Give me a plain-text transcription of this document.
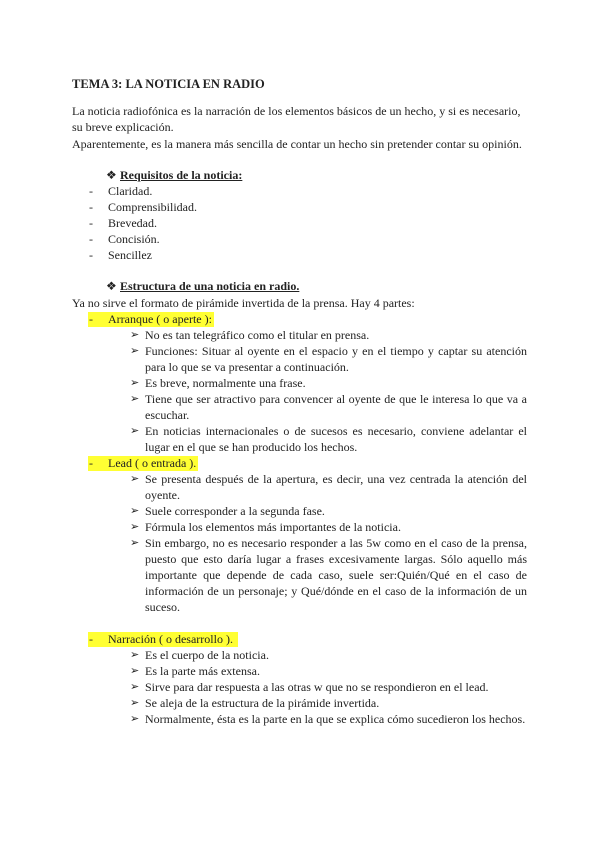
TEMA 3: LA NOTICIA EN RADIO
La noticia radiofónica es la narración de los elementos básicos de un hecho, y si es necesario, su breve explicación.
Aparentemente, es la manera más sencilla de contar un hecho sin pretender contar su opinión.
❖ Requisitos de la noticia:
- Claridad.
- Comprensibilidad.
- Brevedad.
- Concisión.
- Sencillez
❖ Estructura de una noticia en radio.
Ya no sirve el formato de pirámide invertida de la prensa. Hay 4 partes:
- Arranque ( o aperte ):
➢ No es tan telegráfico como el titular en prensa.
➢ Funciones: Situar al oyente en el espacio y en el tiempo y captar su atención para lo que se va presentar a continuación.
➢ Es breve, normalmente una frase.
➢ Tiene que ser atractivo para convencer al oyente de que le interesa lo que va a escuchar.
➢ En noticias internacionales o de sucesos es necesario, conviene adelantar el lugar en el que se han producido los hechos.
- Lead ( o entrada ).
➢ Se presenta después de la apertura, es decir, una vez centrada la atención del oyente.
➢ Suele corresponder a la segunda fase.
➢ Fórmula los elementos más importantes de la noticia.
➢ Sin embargo, no es necesario responder a las 5w como en el caso de la prensa, puesto que esto daría lugar a frases excesivamente largas. Sólo aquello más importante que depende de cada caso, suele ser:Quién/Qué en el caso de información de un personaje; y Qué/dónde en el caso de la información de un suceso.
- Narración ( o desarrollo ).
➢ Es el cuerpo de la noticia.
➢ Es la parte más extensa.
➢ Sirve para dar respuesta a las otras w que no se respondieron en el lead.
➢ Se aleja de la estructura de la pirámide invertida.
➢ Normalmente, ésta es la parte en la que se explica cómo sucedieron los hechos.
